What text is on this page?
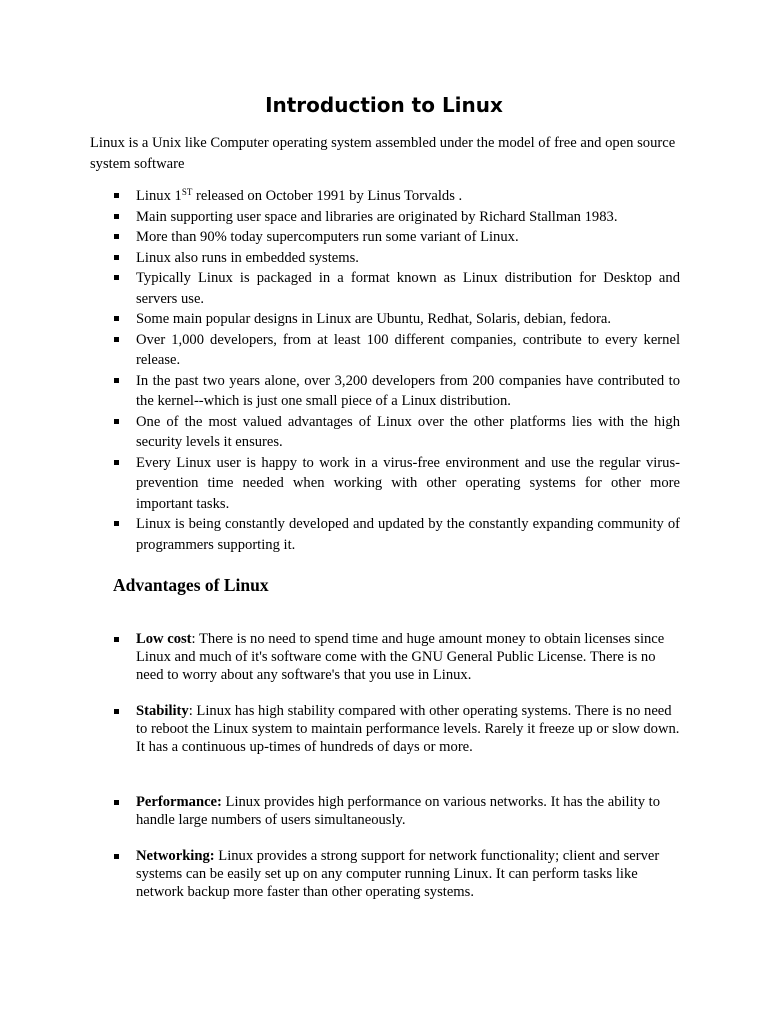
Introduction to Linux

Linux is a Unix like Computer operating system assembled under the model of free and open source system software

Linux 1ST released on October 1991 by Linus Torvalds .
Main supporting user space and libraries are originated by Richard Stallman 1983.
More than 90% today supercomputers run some variant of Linux.
Linux also runs in embedded systems.
Typically Linux is packaged in a format known as Linux distribution for Desktop and servers use.
Some main popular designs in Linux are Ubuntu, Redhat, Solaris, debian, fedora.
Over 1,000 developers, from at least 100 different companies, contribute to every kernel release.
In the past two years alone, over 3,200 developers from 200 companies have contributed to the kernel--which is just one small piece of a Linux distribution.
One of the most valued advantages of Linux over the other platforms lies with the high security levels it ensures.
Every Linux user is happy to work in a virus-free environment and use the regular virus-prevention time needed when working with other operating systems for other more important tasks.
Linux is being constantly developed and updated by the constantly expanding community of programmers supporting it.
Advantages of Linux
Low cost: There is no need to spend time and huge amount money to obtain licenses since Linux and much of it's software come with the GNU General Public License. There is no need to worry about any software's that you use in Linux.
Stability: Linux has high stability compared with other operating systems. There is no need to reboot the Linux system to maintain performance levels. Rarely it freeze up or slow down. It has a continuous up-times of hundreds of days or more.
Performance: Linux provides high performance on various networks. It has the ability to handle large numbers of users simultaneously.
Networking: Linux provides a strong support for network functionality; client and server systems can be easily set up on any computer running Linux. It can perform tasks like network backup more faster than other operating systems.
